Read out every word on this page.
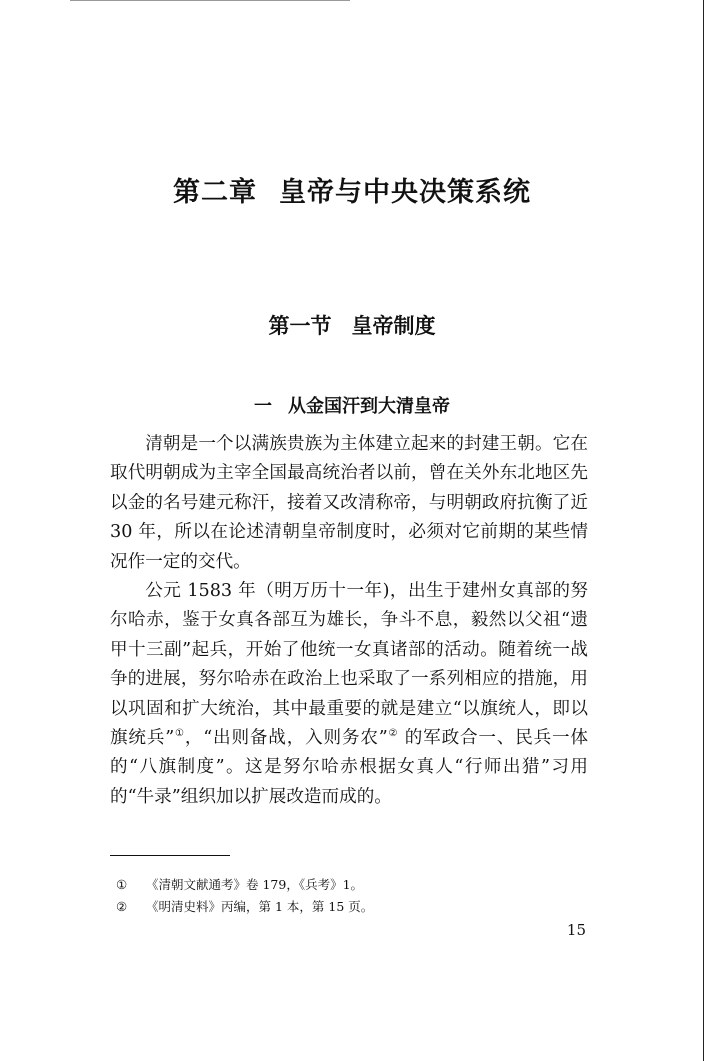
第二章 皇帝与中央决策系统
第一节 皇帝制度
一 从金国汗到大清皇帝

清朝是一个以满族贵族为主体建立起来的封建王朝。它在取代明朝成为主宰全国最高统治者以前，曾在关外东北地区先以金的名号建元称汗，接着又改清称帝，与明朝政府抗衡了近 30 年，所以在论述清朝皇帝制度时，必须对它前期的某些情况作一定的交代。

公元 1583 年（明万历十一年)，出生于建州女真部的努尔哈赤，鉴于女真各部互为雄长，争斗不息，毅然以父祖“遗甲十三副”起兵，开始了他统一女真诸部的活动。随着统一战争的进展，努尔哈赤在政治上也采取了一系列相应的措施，用以巩固和扩大统治，其中最重要的就是建立“以旗统人，即以旗统兵”①，“出则备战，入则务农”② 的军政合一、民兵一体的“八旗制度”。这是努尔哈赤根据女真人“行师出猎”习用的“牛录”组织加以扩展改造而成的。

① 《清朝文献通考》卷 179，《兵考》1。
② 《明清史料》丙编，第 1 本，第 15 页。
15
